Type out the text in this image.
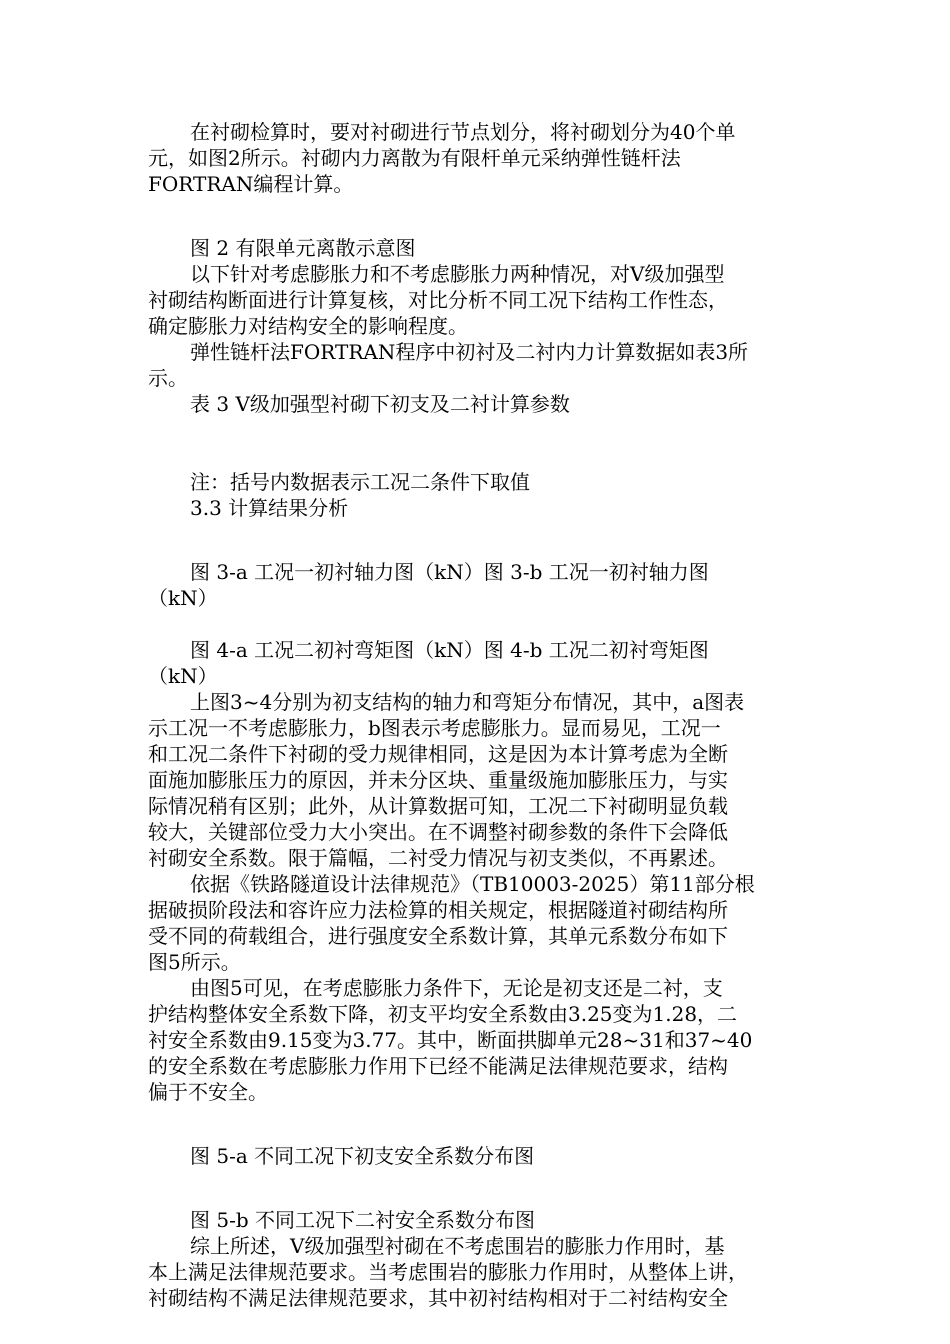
在衬砌检算时，要对衬砌进行节点划分，将衬砌划分为40个单
元，如图2所示。衬砌内力离散为有限杆单元采纳弹性链杆法
FORTRAN编程计算。
图 2 有限单元离散示意图
以下针对考虑膨胀力和不考虑膨胀力两种情况，对Ⅴ级加强型
衬砌结构断面进行计算复核，对比分析不同工况下结构工作性态，
确定膨胀力对结构安全的影响程度。
弹性链杆法FORTRAN程序中初衬及二衬内力计算数据如表3所
示。
表 3 Ⅴ级加强型衬砌下初支及二衬计算参数
注：括号内数据表示工况二条件下取值
3.3 计算结果分析
图 3-a 工况一初衬轴力图（kN）图 3-b 工况一初衬轴力图
（kN）
图 4-a 工况二初衬弯矩图（kN）图 4-b 工况二初衬弯矩图
（kN）
上图3~4分别为初支结构的轴力和弯矩分布情况，其中，a图表
示工况一不考虑膨胀力，b图表示考虑膨胀力。显而易见，工况一
和工况二条件下衬砌的受力规律相同，这是因为本计算考虑为全断
面施加膨胀压力的原因，并未分区块、重量级施加膨胀压力，与实
际情况稍有区别；此外，从计算数据可知，工况二下衬砌明显负载
较大，关键部位受力大小突出。在不调整衬砌参数的条件下会降低
衬砌安全系数。限于篇幅，二衬受力情况与初支类似，不再累述。
依据《铁路隧道设计法律规范》（TB10003-2025）第11部分根
据破损阶段法和容许应力法检算的相关规定，根据隧道衬砌结构所
受不同的荷载组合，进行强度安全系数计算，其单元系数分布如下
图5所示。
由图5可见，在考虑膨胀力条件下，无论是初支还是二衬，支
护结构整体安全系数下降，初支平均安全系数由3.25变为1.28，二
衬安全系数由9.15变为3.77。其中，断面拱脚单元28~31和37~40
的安全系数在考虑膨胀力作用下已经不能满足法律规范要求，结构
偏于不安全。
图 5-a 不同工况下初支安全系数分布图
图 5-b 不同工况下二衬安全系数分布图
综上所述，Ⅴ级加强型衬砌在不考虑围岩的膨胀力作用时，基
本上满足法律规范要求。当考虑围岩的膨胀力作用时，从整体上讲，
衬砌结构不满足法律规范要求，其中初衬结构相对于二衬结构安全
